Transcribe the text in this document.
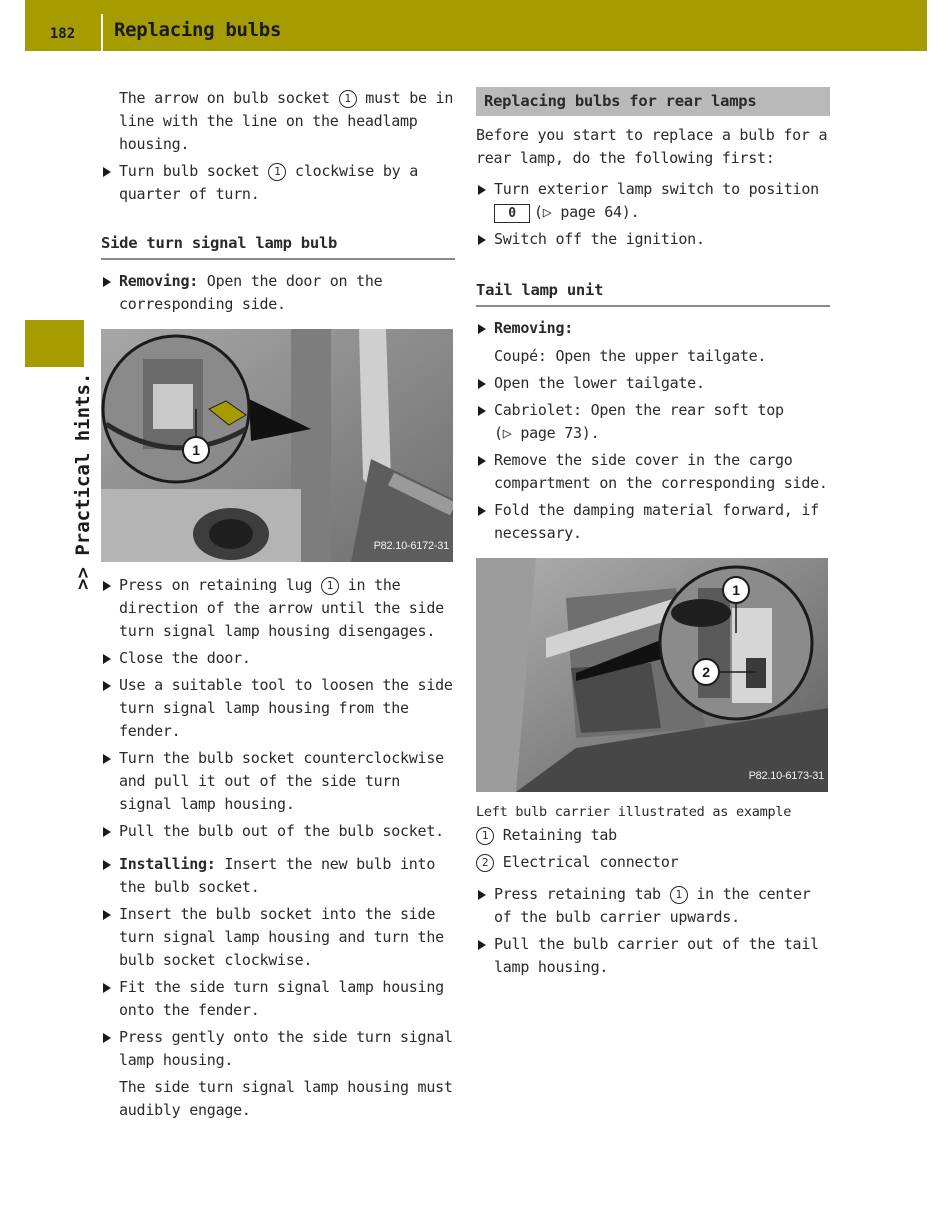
182	Replacing bulbs
>> Practical hints.

The arrow on bulb socket 1 must be in line with the line on the headlamp housing.

Turn bulb socket 1 clockwise by a quarter of turn.

Side turn signal lamp bulb

Removing: Open the door on the corresponding side.

1
P82.10-6172-31

Press on retaining lug 1 in the direction of the arrow until the side turn signal lamp housing disengages.

Close the door.

Use a suitable tool to loosen the side turn signal lamp housing from the fender.

Turn the bulb socket counterclockwise and pull it out of the side turn signal lamp housing.

Pull the bulb out of the bulb socket.

Installing: Insert the new bulb into the bulb socket.

Insert the bulb socket into the side turn signal lamp housing and turn the bulb socket clockwise.

Fit the side turn signal lamp housing onto the fender.

Press gently onto the side turn signal lamp housing.

The side turn signal lamp housing must audibly engage.

Replacing bulbs for rear lamps

Before you start to replace a bulb for a rear lamp, do the following first:

Turn exterior lamp switch to position
0 (▷ page 64).

Switch off the ignition.

Tail lamp unit

Removing:

Coupé: Open the upper tailgate.

Open the lower tailgate.

Cabriolet: Open the rear soft top
(▷ page 73).

Remove the side cover in the cargo compartment on the corresponding side.

Fold the damping material forward, if necessary.

1
2
P82.10-6173-31

Left bulb carrier illustrated as example

1 Retaining tab

2 Electrical connector

Press retaining tab 1 in the center of the bulb carrier upwards.

Pull the bulb carrier out of the tail lamp housing.
